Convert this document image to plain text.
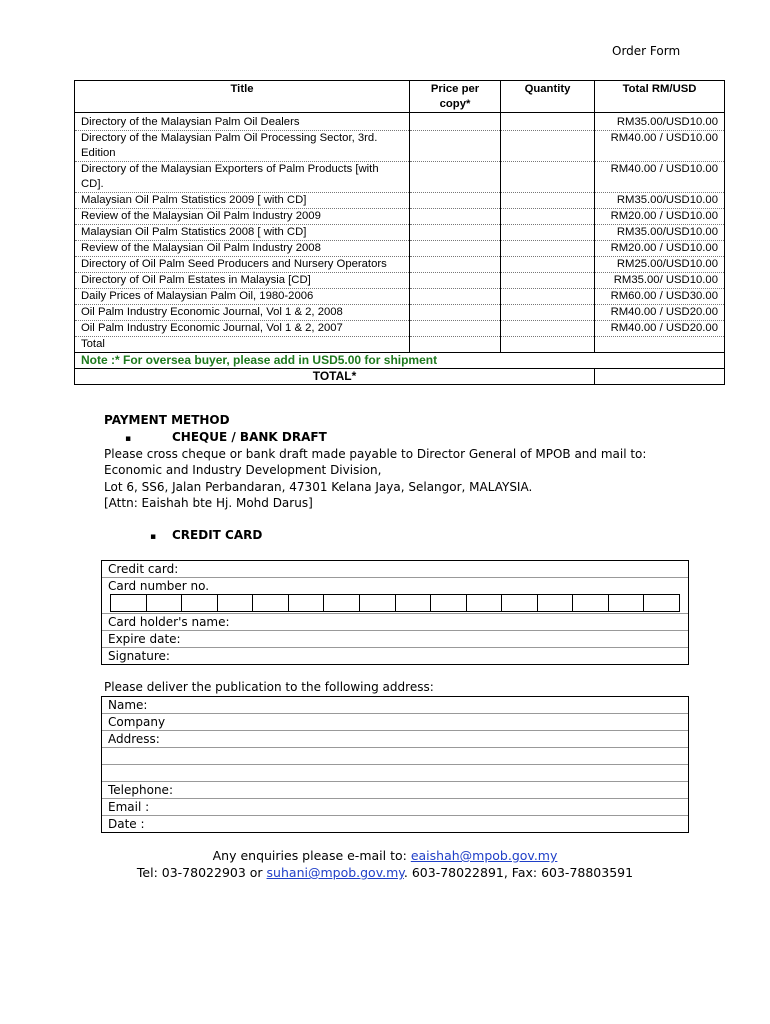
Order Form
Title	Price per copy*	Quantity	Total RM/USD
Directory of the Malaysian Palm Oil Dealers			RM35.00/USD10.00
Directory of the Malaysian Palm Oil Processing Sector, 3rd. Edition			RM40.00 / USD10.00
Directory of the Malaysian Exporters of Palm Products [with CD].			RM40.00 / USD10.00
Malaysian Oil Palm Statistics 2009 [ with CD]			RM35.00/USD10.00
Review of the Malaysian Oil Palm Industry 2009			RM20.00 / USD10.00
Malaysian Oil Palm Statistics 2008 [ with CD]			RM35.00/USD10.00
Review of the Malaysian Oil Palm Industry 2008			RM20.00 / USD10.00
Directory of Oil Palm Seed Producers and Nursery Operators			RM25.00/USD10.00
Directory of Oil Palm Estates in Malaysia [CD]			RM35.00/ USD10.00
Daily Prices of Malaysian Palm Oil, 1980-2006			RM60.00 / USD30.00
Oil Palm Industry Economic Journal, Vol 1 & 2, 2008			RM40.00 / USD20.00
Oil Palm Industry Economic Journal, Vol 1 & 2, 2007			RM40.00 / USD20.00
Total			
Note :* For oversea buyer, please add in USD5.00 for shipment			
TOTAL*			
PAYMENT METHOD
▪	CHEQUE / BANK DRAFT
Please cross cheque or bank draft made payable to Director General of MPOB and mail to:
Economic and Industry Development Division,
Lot 6, SS6, Jalan Perbandaran, 47301 Kelana Jaya, Selangor, MALAYSIA.
[Attn: Eaishah bte Hj. Mohd Darus]
▪ CREDIT CARD
Credit card:
Card number no.
Card holder's name:
Expire date:
Signature:
Please deliver the publication to the following address:
Name:
Company
Address:
Telephone:
Email :
Date :
Any enquiries please e-mail to: eaishah@mpob.gov.my
Tel: 03-78022903 or suhani@mpob.gov.my. 603-78022891, Fax: 603-78803591
